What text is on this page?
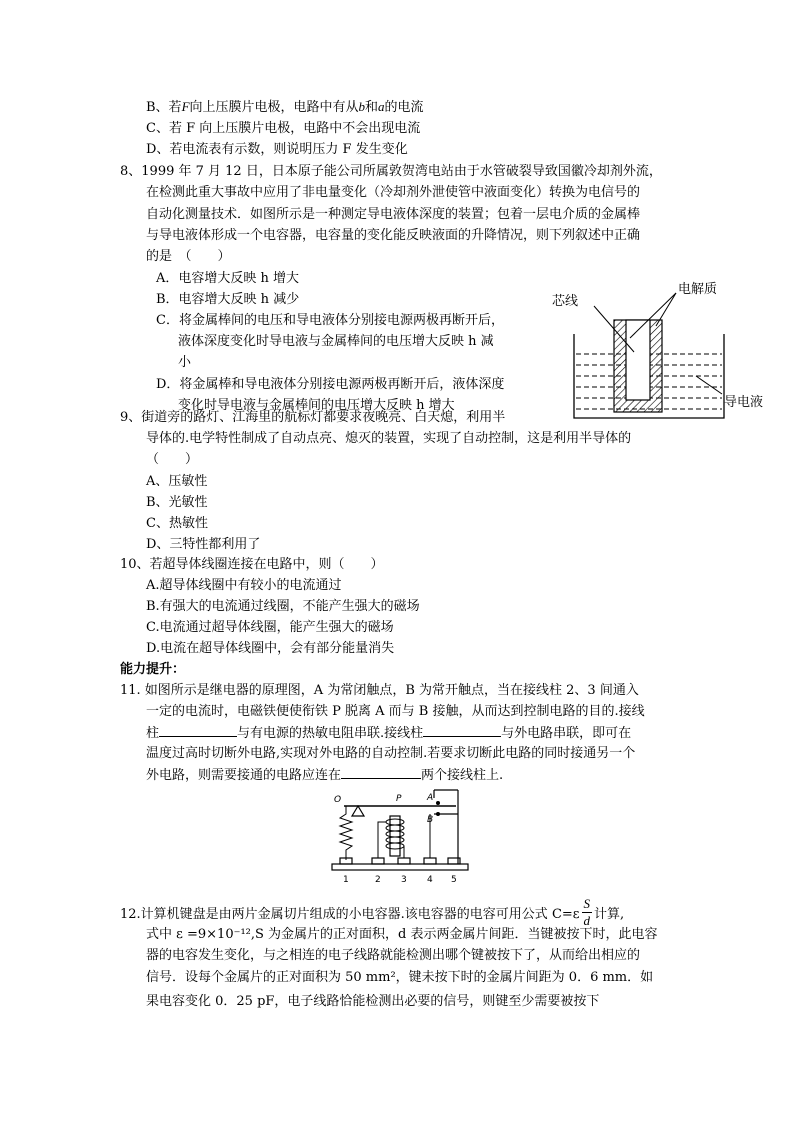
B、若F向上压膜片电极，电路中有从b和a的电流
C、若 F 向上压膜片电极，电路中不会出现电流
D、若电流表有示数，则说明压力 F 发生变化
8、1999 年 7 月 12 日，日本原子能公司所属敦贺湾电站由于水管破裂导致国徽冷却剂外流，
在检测此重大事故中应用了非电量变化（冷却剂外泄使管中液面变化）转换为电信号的
自动化测量技术．如图所示是一种测定导电液体深度的装置；包着一层电介质的金属棒
与导电液体形成一个电容器，电容量的变化能反映液面的升降情况，则下列叙述中正确
的是　（　　）
A．电容增大反映 h 增大
B．电容增大反映 h 减少
C．将金属棒间的电压和导电液体分别接电源两极再断开后，
液体深度变化时导电液与金属棒间的电压增大反映 h 减
小
D．将金属棒和导电液体分别接电源两极再断开后，液体深度
变化时导电液与金属棒间的电压增大反映 h 增大
芯线
电解质
导电液
9、街道旁的路灯、江海里的航标灯都要求夜晚亮、白天熄，利用半
导体的.电学特性制成了自动点亮、熄灭的装置，实现了自动控制，这是利用半导体的
（　　）
A、压敏性
B、光敏性
C、热敏性
D、三特性都利用了
10、若超导体线圈连接在电路中，则（　　）
A.超导体线圈中有较小的电流通过
B.有强大的电流通过线圈，不能产生强大的磁场
C.电流通过超导体线圈，能产生强大的磁场
D.电流在超导体线圈中，会有部分能量消失
能力提升：
11. 如图所示是继电器的原理图，A 为常闭触点，B 为常开触点，当在接线柱 2、3 间通入
一定的电流时，电磁铁便使衔铁 P 脱离 A 而与 B 接触，从而达到控制电路的目的.接线
柱	与有电源的热敏电阻串联.接线柱	与外电路串联，即可在
温度过高时切断外电路,实现对外电路的自动控制.若要求切断此电路的同时接通另一个
外电路，则需要接通的电路应连在	两个接线柱上.
O	P	A
B
1	2 3 4 5
12.计算机键盘是由两片金属切片组成的小电容器.该电容器的电容可用公式 $C=\varepsilon \frac{S}{d}$ 计算,
式中 ε =9×10⁻¹²,S 为金属片的正对面积，d 表示两金属片间距．当键被按下时，此电容
器的电容发生变化，与之相连的电子线路就能检测出哪个键被按下了，从而给出相应的
信号．设每个金属片的正对面积为 50 mm²，键未按下时的金属片间距为 0．6 mm．如
果电容变化 0．25 pF，电子线路恰能检测出必要的信号，则键至少需要被按下
